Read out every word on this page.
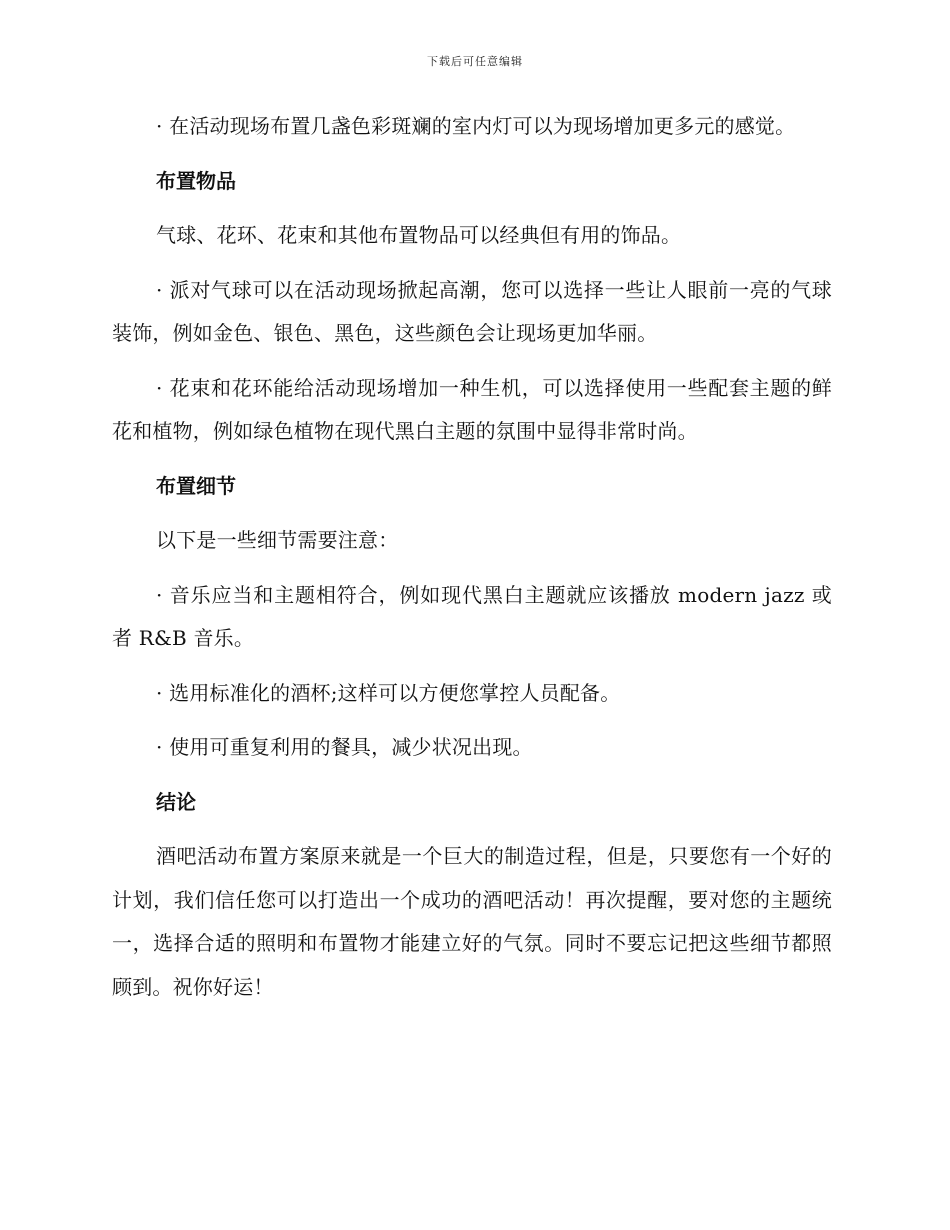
下载后可任意编辑

· 在活动现场布置几盏色彩斑斓的室内灯可以为现场增加更多元的感觉。

布置物品

气球、花环、花束和其他布置物品可以经典但有用的饰品。

· 派对气球可以在活动现场掀起高潮，您可以选择一些让人眼前一亮的气球装饰，例如金色、银色、黑色，这些颜色会让现场更加华丽。

· 花束和花环能给活动现场增加一种生机，可以选择使用一些配套主题的鲜花和植物，例如绿色植物在现代黑白主题的氛围中显得非常时尚。

布置细节

以下是一些细节需要注意：

· 音乐应当和主题相符合，例如现代黑白主题就应该播放 modern jazz 或者 R&B 音乐。

· 选用标准化的酒杯;这样可以方便您掌控人员配备。

· 使用可重复利用的餐具，减少状况出现。

结论

酒吧活动布置方案原来就是一个巨大的制造过程，但是，只要您有一个好的计划，我们信任您可以打造出一个成功的酒吧活动！再次提醒，要对您的主题统一，选择合适的照明和布置物才能建立好的气氛。同时不要忘记把这些细节都照顾到。祝你好运！
